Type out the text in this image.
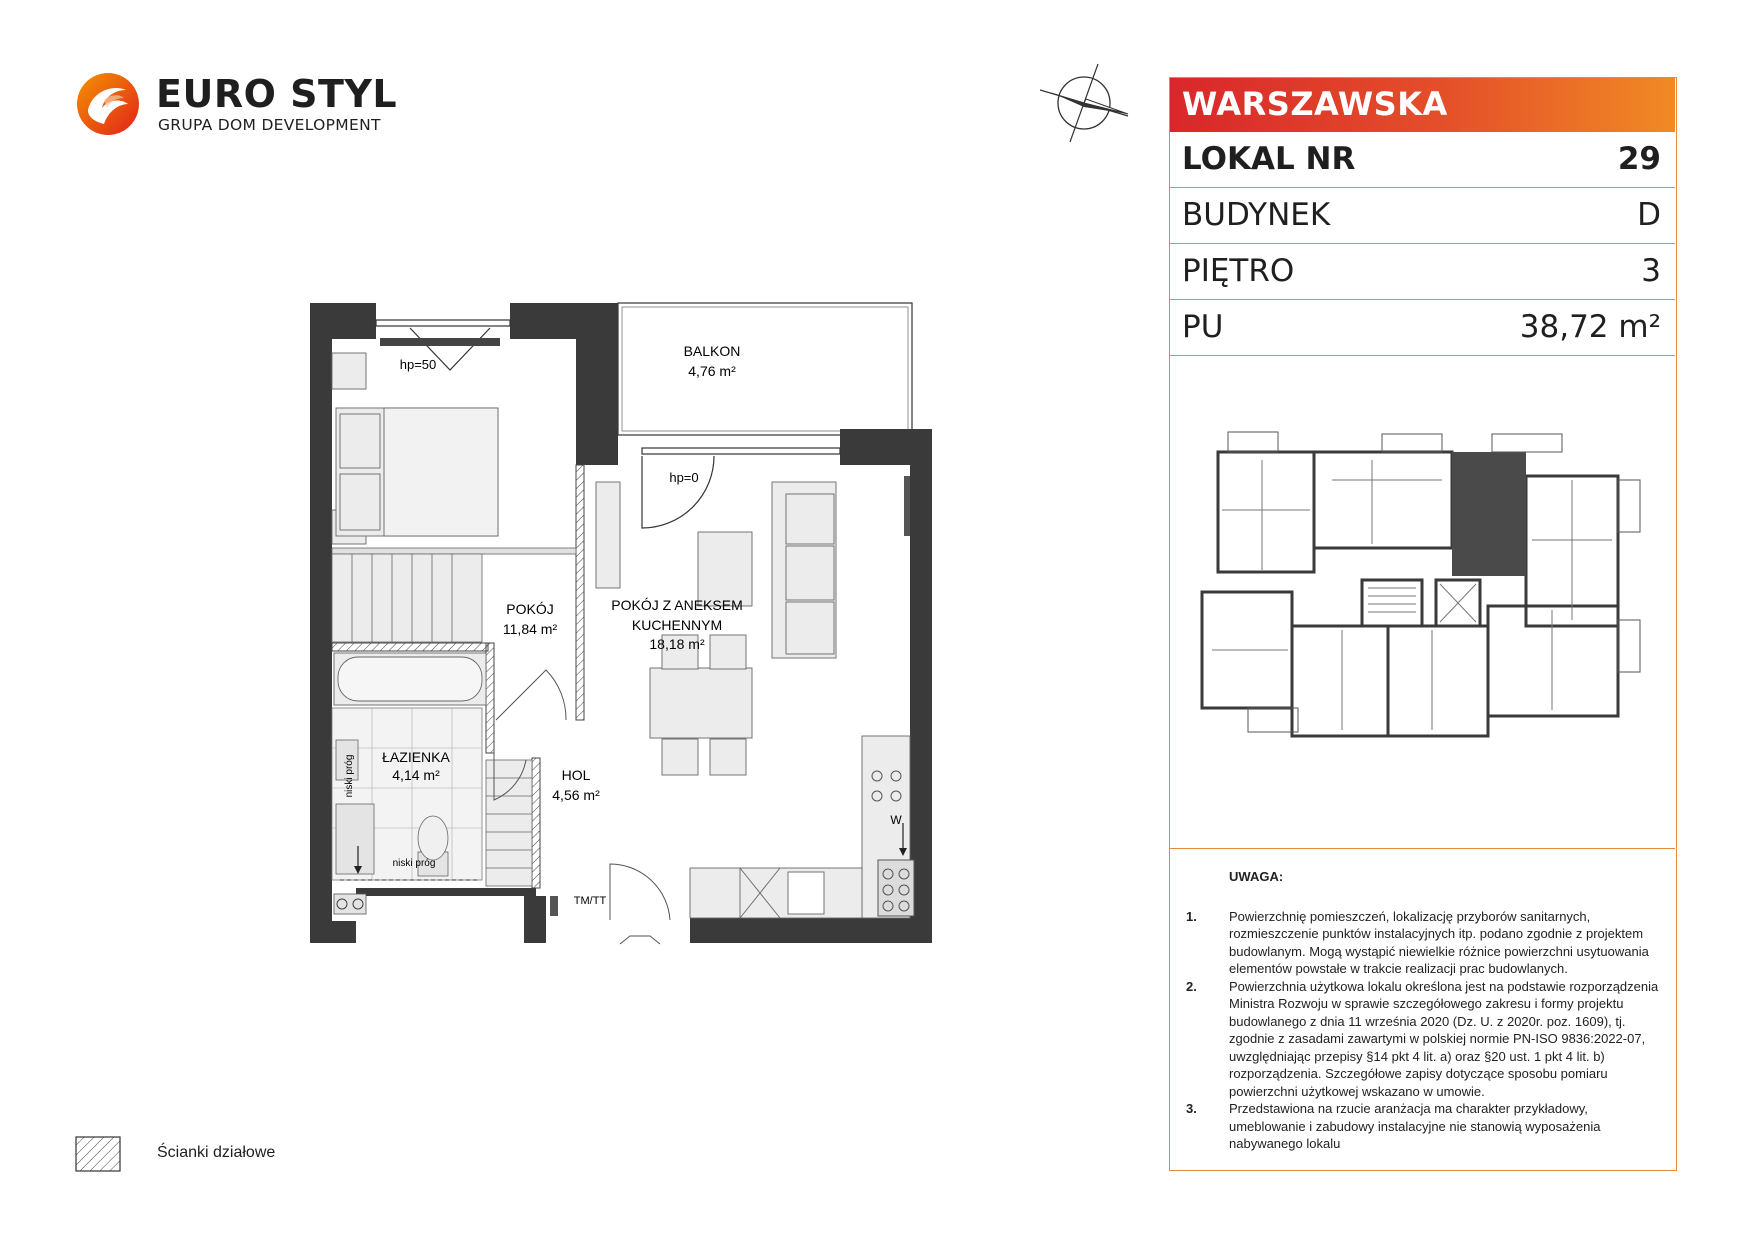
EURO STYL
GRUPA DOM DEVELOPMENT
WARSZAWSKA
LOKAL NR	29
BUDYNEK	D
PIĘTRO	3
PU	38,72 m²
UWAGA:
1. Powierzchnię pomieszczeń, lokalizację przyborów sanitarnych, rozmieszczenie punktów instalacyjnych itp. podano zgodnie z projektem budowlanym. Mogą wystąpić niewielkie różnice powierzchni usytuowania elementów powstałe w trakcie realizacji prac budowlanych.
2. Powierzchnia użytkowa lokalu określona jest na podstawie rozporządzenia Ministra Rozwoju w sprawie szczegółowego zakresu i formy projektu budowlanego z dnia 11 września 2020 (Dz. U. z 2020r. poz. 1609), tj. zgodnie z zasadami zawartymi w polskiej normie PN-ISO 9836:2022-07, uwzględniając przepisy §14 pkt 4 lit. a) oraz §20 ust. 1 pkt 4 lit. b) rozporządzenia. Szczegółowe zapisy dotyczące sposobu pomiaru powierzchni użytkowej wskazano w umowie.
3. Przedstawiona na rzucie aranżacja ma charakter przykładowy, umeblowanie i zabudowy instalacyjne nie stanowią wyposażenia nabywanego lokalu
BALKON
4,76 m²
hp=50
hp=0
POKÓJ
11,84 m²
POKÓJ Z ANEKSEM
KUCHENNYM
18,18 m²
ŁAZIENKA
4,14 m²	HOL
4,56 m²
niski próg
niski próg
W
TM/TT
Ścianki działowe
